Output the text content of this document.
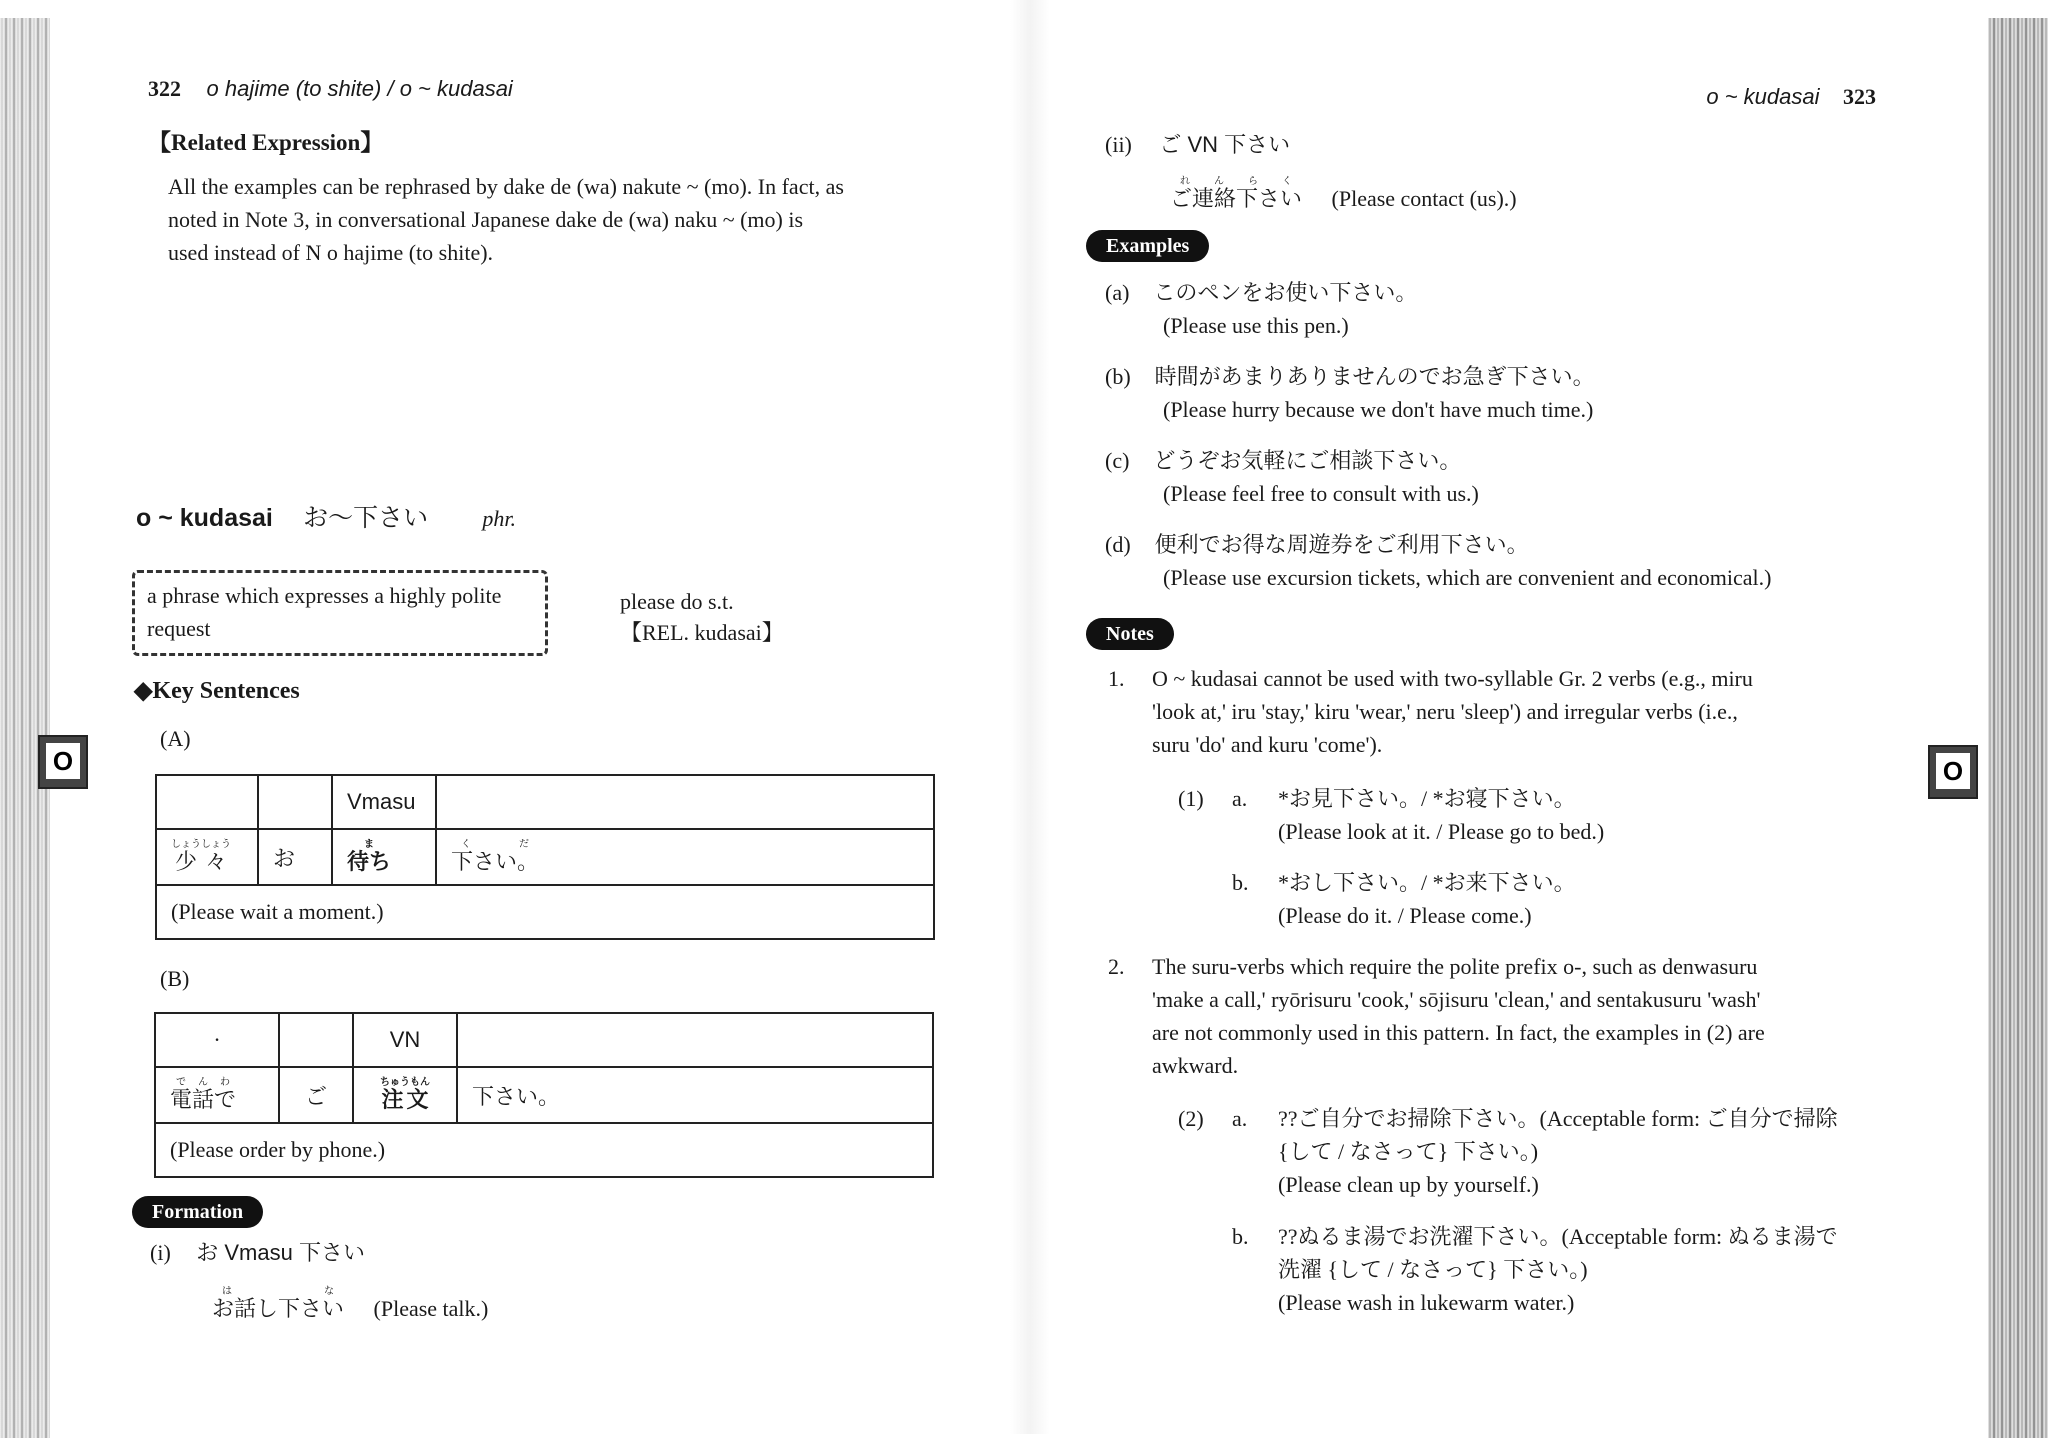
322 o hajime (to shite) / o ~ kudasai
【Related Expression】
All the examples can be rephrased by dake de (wa) nakute ~ (mo). In fact, as
noted in Note 3, in conversational Japanese dake de (wa) naku ~ (mo) is
used instead of N o hajime (to shite).
o ~ kudasai お～下さい phr.
a phrase which expresses a highly polite request
please do s.t.
【REL. kudasai】
◆Key Sentences
(A)
		Vmasu	
少々しょうしょう	お	待ちま	下さい。くだ
(Please wait a moment.)			
(B)
·		VN	
電話ででんわ	ご	注文ちゅうもん	下さい。
(Please order by phone.)			
Formation
(i) お Vmasu 下さい
お話し下さいはな (Please talk.)
O
o ~ kudasai 323
(ii) ご VN 下さい
ご連絡下さいれんらく (Please contact (us).)
Examples
(a) このペンをお使い下さい。
(Please use this pen.)
(b) 時間があまりありませんのでお急ぎ下さい。
(Please hurry because we don't have much time.)
(c) どうぞお気軽にご相談下さい。
(Please feel free to consult with us.)
(d) 便利でお得な周遊券をご利用下さい。
(Please use excursion tickets, which are convenient and economical.)
Notes
1. O ~ kudasai cannot be used with two-syllable Gr. 2 verbs (e.g., miru
'look at,' iru 'stay,' kiru 'wear,' neru 'sleep') and irregular verbs (i.e.,
suru 'do' and kuru 'come').
(1) a. *お見下さい。/ *お寝下さい。
(Please look at it. / Please go to bed.)
b. *おし下さい。/ *お来下さい。
(Please do it. / Please come.)
2. The suru-verbs which require the polite prefix o-, such as denwasuru
'make a call,' ryōrisuru 'cook,' sōjisuru 'clean,' and sentakusuru 'wash'
are not commonly used in this pattern. In fact, the examples in (2) are
awkward.
(2) a. ??ご自分でお掃除下さい。(Acceptable form: ご自分で掃除
{して / なさって} 下さい。)
(Please clean up by yourself.)
b. ??ぬるま湯でお洗濯下さい。(Acceptable form: ぬるま湯で
洗濯 {して / なさって} 下さい。)
(Please wash in lukewarm water.)
O
